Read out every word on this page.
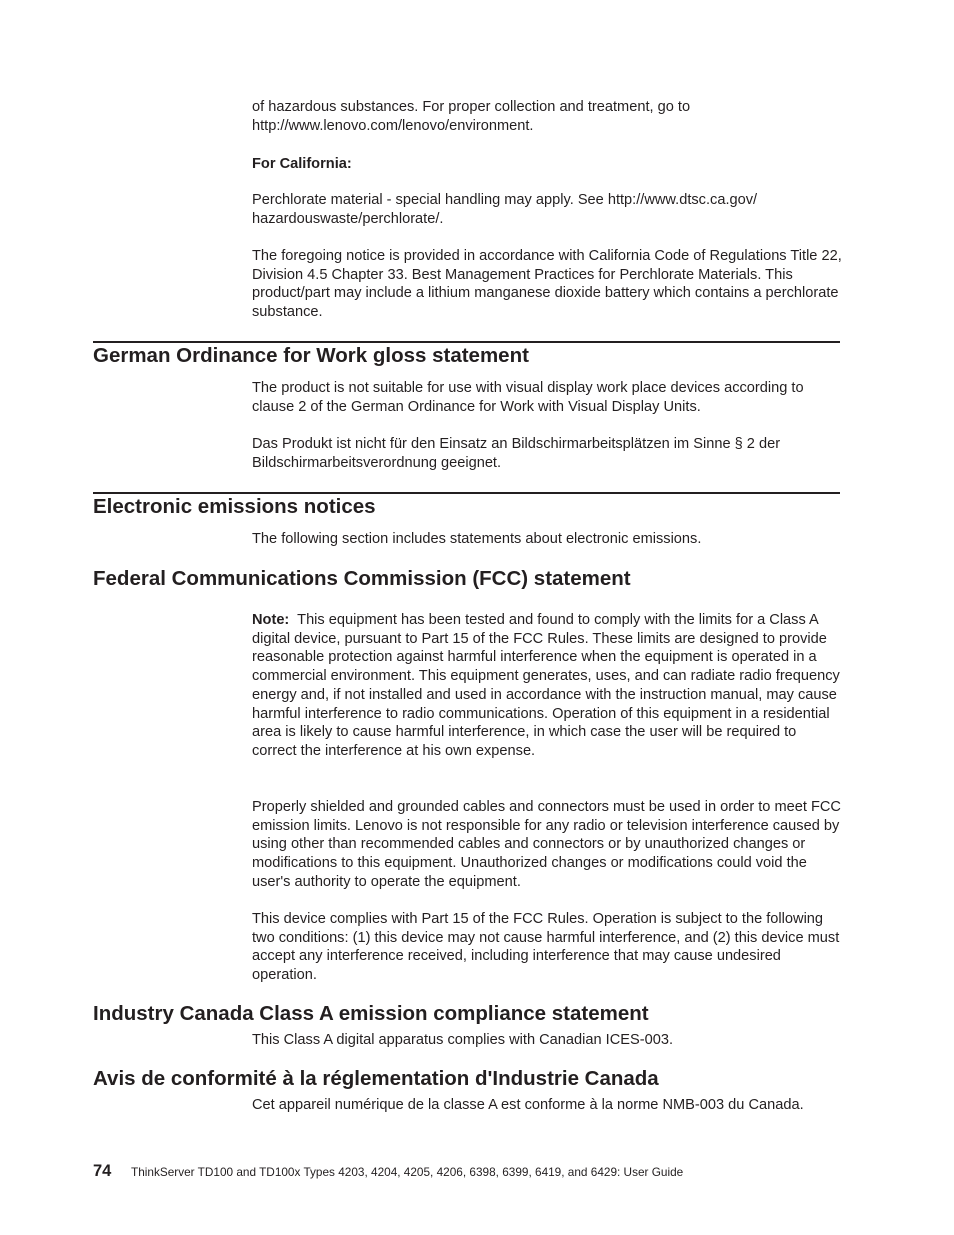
of hazardous substances. For proper collection and treatment, go to http://www.lenovo.com/lenovo/environment.

For California:

Perchlorate material - special handling may apply. See http://www.dtsc.ca.gov/ hazardouswaste/perchlorate/.

The foregoing notice is provided in accordance with California Code of Regulations Title 22, Division 4.5 Chapter 33. Best Management Practices for Perchlorate Materials. This product/part may include a lithium manganese dioxide battery which contains a perchlorate substance.

German Ordinance for Work gloss statement

The product is not suitable for use with visual display work place devices according to clause 2 of the German Ordinance for Work with Visual Display Units.

Das Produkt ist nicht für den Einsatz an Bildschirmarbeitsplätzen im Sinne § 2 der Bildschirmarbeitsverordnung geeignet.

Electronic emissions notices

The following section includes statements about electronic emissions.

Federal Communications Commission (FCC) statement

Note: This equipment has been tested and found to comply with the limits for a Class A digital device, pursuant to Part 15 of the FCC Rules. These limits are designed to provide reasonable protection against harmful interference when the equipment is operated in a commercial environment. This equipment generates, uses, and can radiate radio frequency energy and, if not installed and used in accordance with the instruction manual, may cause harmful interference to radio communications. Operation of this equipment in a residential area is likely to cause harmful interference, in which case the user will be required to correct the interference at his own expense.

Properly shielded and grounded cables and connectors must be used in order to meet FCC emission limits. Lenovo is not responsible for any radio or television interference caused by using other than recommended cables and connectors or by unauthorized changes or modifications to this equipment. Unauthorized changes or modifications could void the user's authority to operate the equipment.

This device complies with Part 15 of the FCC Rules. Operation is subject to the following two conditions: (1) this device may not cause harmful interference, and (2) this device must accept any interference received, including interference that may cause undesired operation.

Industry Canada Class A emission compliance statement

This Class A digital apparatus complies with Canadian ICES-003.

Avis de conformité à la réglementation d'Industrie Canada

Cet appareil numérique de la classe A est conforme à la norme NMB-003 du Canada.

74 ThinkServer TD100 and TD100x Types 4203, 4204, 4205, 4206, 6398, 6399, 6419, and 6429: User Guide
